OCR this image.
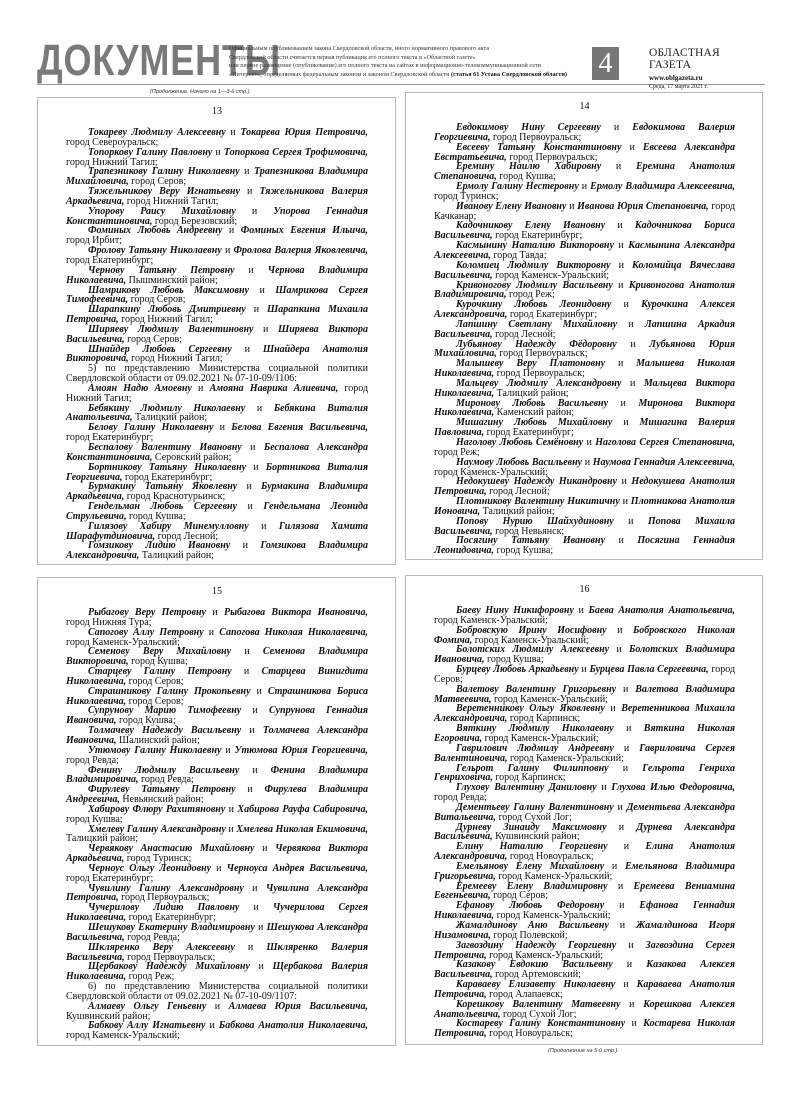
ДОКУМЕНТЫ
Официальным опубликованием закона Свердловской области, иного нормативного правового акта
Свердловской области считается первая публикация его полного текста в «Областной газете»
или первое размещение (опубликование) его полного текста на сайтах в информационно-телекоммуникационной сети
«Интернет», определяемых федеральным законом и законом Свердловской области (статья 61 Устава Свердловской области)	4	ОБЛАСТНАЯ ГАЗЕТА
www.oblgazeta.ru
Среда, 17 марта 2021 г.
(Продолжение. Начало на 1—3-й стр.).
13

Токареву Людмилу Алексеевну и Токарева Юрия Петровича, город Североуральск;

Топоркову Галину Павловну и Топоркова Сергея Трофимовича, город Нижний Тагил;

Трапезникову Галину Николаевну и Трапезникова Владимира Михайловича, город Серов;

Тяжельникову Веру Игнатьевну и Тяжельникова Валерия Аркадьевича, город Нижний Тагил;

Упорову Раису Михайловну и Упорова Геннадия Константиновича, город Березовский;

Фоминых Любовь Андреевну и Фоминых Евгения Ильича, город Ирбит;

Фролову Татьяну Николаевну и Фролова Валерия Яковлевича, город Екатеринбург;

Чернову Татьяну Петровну и Чернова Владимира Николаевича, Пышминский район;

Шамрикову Любовь Максимовну и Шамрикова Сергея Тимофеевича, город Серов;

Шарапкину Любовь Дмитриевну и Шарапкина Михаила Петровича, город Нижний Тагил;

Ширяеву Людмилу Валентиновну и Ширяева Виктора Васильевича, город Серов;

Шнайдер Любовь Сергеевну и Шнайдера Анатолия Викторовича, город Нижний Тагил;

5) по представлению Министерства социальной политики Свердловской области от 09.02.2021 № 07-10-09/1106:

Амоян Надю Амоевну и Амояна Наврика Алиевича, город Нижний Тагил;

Бебякину Людмилу Николаевну и Бебякина Виталия Анатольевича, Талицкий район;

Белову Галину Николаевну и Белова Евгения Васильевича, город Екатеринбург;

Беспалову Валентину Ивановну и Беспалова Александра Константиновича, Серовский район;

Бортникову Татьяну Николаевну и Бортникова Виталия Георгиевича, город Екатеринбург;

Бурмакину Татьяну Яковлевну и Бурмакина Владимира Аркадьевича, город Краснотурьинск;

Гендельман Любовь Сергеевну и Гендельмана Леонида Струльевича, город Кушва;

Гилязову Хабиру Минемулловну и Гилязова Хамита Шарафутдиновича, город Лесной;

Гомзикову Лидию Ивановну и Гомзикова Владимира Александровича, Талицкий район;

14

Евдокимову Нину Сергеевну и Евдокимова Валерия Георгиевича, город Первоуральск;

Евсееву Татьяну Константиновну и Евсеева Александра Евстратьевича, город Первоуральск;

Еремину Наилю Хабировну и Еремина Анатолия Степановича, город Кушва;

Ермолу Галину Нестеровну и Ермолу Владимира Алексеевича, город Туринск;

Иванову Елену Ивановну и Иванова Юрия Степановича, город Качканар;

Кадочникову Елену Ивановну и Кадочникова Бориса Васильевича, город Екатеринбург;

Касмынину Наталию Викторовну и Касмынина Александра Алексеевича, город Тавда;

Коломиец Людмилу Викторовну и Коломийца Вячеслава Васильевича, город Каменск-Уральский;

Кривоногову Людмилу Васильевну и Кривоногова Анатолия Владимировича, город Реж;

Курочкину Любовь Леонидовну и Курочкина Алексея Александровича, город Екатеринбург;

Лапшину Светлану Михайловну и Лапшина Аркадия Васильевича, город Лесной;

Лубьянову Надежду Фёдоровну и Лубьянова Юрия Михайловича, город Первоуральск;

Малышеву Веру Платоновну и Малышева Николая Николаевича, город Первоуральск;

Мальцеву Людмилу Александровну и Мальцева Виктора Николаевича, Талицкий район;

Миронову Любовь Васильевну и Миронова Виктора Николаевича, Каменский район;

Мишагину Любовь Михайловну и Мишагина Валерия Павловича, город Екатеринбург;

Наголову Любовь Семёновну и Наголова Сергея Степановича, город Реж;

Наумову Любовь Васильевну и Наумова Геннадия Алексеевича, город Каменск-Уральский;

Недокушеву Надежду Никандровну и Недокушева Анатолия Петровича, город Лесной;

Плотникову Валентину Никитичну и Плотникова Анатолия Ионовича, Талицкий район;

Попову Нурию Шайхудиновну и Попова Михаила Васильевича, город Невьянск;

Посягину Татьяну Ивановну и Посягина Геннадия Леонидовича, город Кушва;

15

Рыбагову Веру Петровну и Рыбагова Виктора Ивановича, город Нижняя Тура;

Сапогову Аллу Петровну и Сапогова Николая Николаевича, город Каменск-Уральский;

Семенову Веру Михайловну и Семенова Владимира Викторовича, город Кушва;

Старцеву Галину Петровну и Старцева Винигдита Николаевича, город Серов;

Страшникову Галину Прокопьевну и Страшникова Бориса Николаевича, город Серов;

Супрунову Марию Тимофеевну и Супрунова Геннадия Ивановича, город Кушва;

Толмачеву Надежду Васильевну и Толмачева Александра Ивановича, Шалинский район;

Утюмову Галину Николаевну и Утюмова Юрия Георгиевича, город Ревда;

Фенину Людмилу Васильевну и Фенина Владимира Владимировича, город Ревда;

Фирулеву Татьяну Петровну и Фирулева Владимира Андреевича, Невьянский район;

Хабирову Флюру Рахитяновну и Хабирова Рауфа Сабировича, город Кушва;

Хмелеву Галину Александровну и Хмелева Николая Екимовича, Талицкий район;

Червякову Анастасию Михайловну и Червякова Виктора Аркадьевича, город Туринск;

Черноус Ольгу Леонидовну и Черноуса Андрея Васильевича, город Екатеринбург;

Чувилину Галину Александровну и Чувилина Александра Петровича, город Первоуральск;

Чучерилову Лидию Павловну и Чучерилова Сергея Николаевича, город Екатеринбург;

Шешукову Екатерину Владимировну и Шешукова Александра Васильевича, город Ревда;

Шкляренко Веру Алексеевну и Шкляренко Валерия Васильевича, город Первоуральск;

Щербакову Надежду Михайловну и Щербакова Валерия Николаевича, город Реж;

6) по представлению Министерства социальной политики Свердловской области от 09.02.2021 № 07-10-09/1107:

Алмаеву Ольгу Геньевну и Алмаева Юрия Васильевича, Кушвинский район;

Бабкову Аллу Игнатьевну и Бабкова Анатолия Николаевича, город Каменск-Уральский;

16

Баеву Нину Никифоровну и Баева Анатолия Анатольевича, город Каменск-Уральский;

Бобровскую Ирину Иосифовну и Бобровского Николая Фомича, город Каменск-Уральский;

Болотских Людмилу Алексеевну и Болотских Владимира Ивановича, город Кушва;

Бурцеву Любовь Аркадьевну и Бурцева Павла Сергеевича, город Серов;

Валетову Валентину Григорьевну и Валетова Владимира Матвеевича, город Каменск-Уральский;

Веретенникову Ольгу Яковлевну и Веретенникова Михаила Александровича, город Карпинск;

Вяткину Людмилу Николаевну и Вяткина Николая Егоровича, город Каменск-Уральский;

Гаврилович Людмилу Андреевну и Гавриловича Сергея Валентиновича, город Каменск-Уральский;

Гельрот Галину Филипповну и Гельрота Генриха Генриховича, город Карпинск;

Глухову Валентину Даниловну и Глухова Илью Федоровича, город Ревда;

Дементьеву Галину Валентиновну и Дементьева Александра Витальевича, город Сухой Лог;

Дурневу Зинаиду Максимовну и Дурнева Александра Васильевича, Кушвинский район;

Елину Наталию Георгиевну и Елина Анатолия Александровича, город Новоуральск;

Емельянову Елену Михайловну и Емельянова Владимира Григорьевича, город Каменск-Уральский;

Еремееву Елену Владимировну и Еремеева Вениамина Евгеньевича, город Серов;

Ефанову Любовь Федоровну и Ефанова Геннадия Николаевича, город Каменск-Уральский;

Жамалдинову Аню Васильевну и Жамалдинова Игоря Низамовича, город Полевской;

Загвоздину Надежду Георгиевну и Загвоздина Сергея Петровича, город Каменск-Уральский;

Казакову Евдокию Васильевну и Казакова Алексея Васильевича, город Артемовский;

Караваеву Елизавету Николаевну и Караваева Анатолия Петровича, город Алапаевск;

Корешкову Валентину Матвеевну и Корешкова Алексея Анатольевича, город Сухой Лог;

Костареву Галину Константиновну и Костарева Николая Петровича, город Новоуральск;

(Продолжение на 5-й стр.).
